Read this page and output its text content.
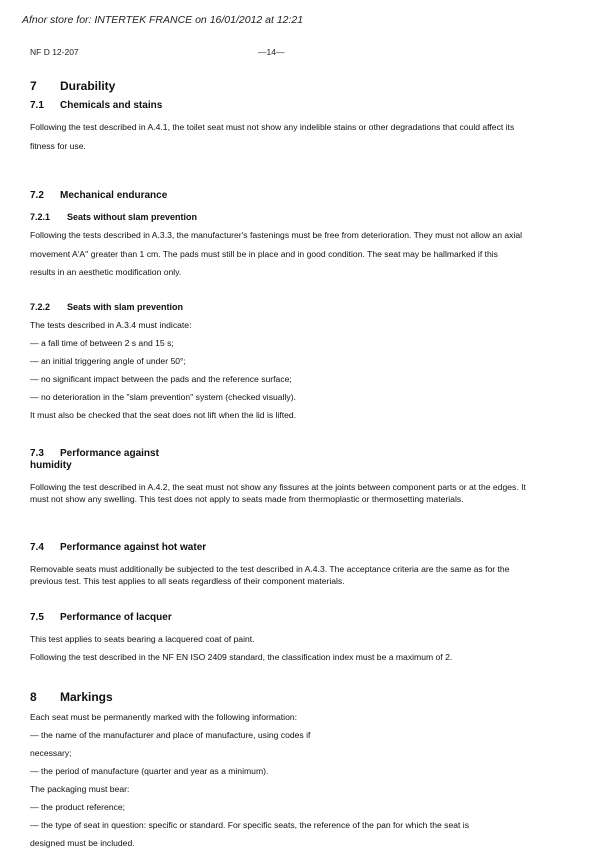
Afnor store for: INTERTEK FRANCE on 16/01/2012 at 12:21
NF D 12-207	—14—
7 Durability
7.1 Chemicals and stains
Following the test described in A.4.1, the toilet seat must not show any indelible stains or other degradations that could affect its fitness for use.
7.2 Mechanical endurance
7.2.1 Seats without slam prevention
Following the tests described in A.3.3, the manufacturer's fastenings must be free from deterioration. They must not allow an axial movement A'A'' greater than 1 cm. The pads must still be in place and in good condition. The seat may be hallmarked if this results in an aesthetic modification only.
7.2.2 Seats with slam prevention
The tests described in A.3.4 must indicate:
— a fall time of between 2 s and 15 s;
— an initial triggering angle of under 50°;
— no significant impact between the pads and the reference surface;
— no deterioration in the "slam prevention" system (checked visually).
It must also be checked that the seat does not lift when the lid is lifted.
7.3 Performance against humidity
Following the test described in A.4.2, the seat must not show any fissures at the joints between component parts or at the edges. It must not show any swelling. This test does not apply to seats made from thermoplastic or thermosetting materials.
7.4 Performance against hot water
Removable seats must additionally be subjected to the test described in A.4.3. The acceptance criteria are the same as for the previous test. This test applies to all seats regardless of their component materials.
7.5 Performance of lacquer
This test applies to seats bearing a lacquered coat of paint.
Following the test described in the NF EN ISO 2409 standard, the classification index must be a maximum of 2.
8 Markings
Each seat must be permanently marked with the following information:
— the name of the manufacturer and place of manufacture, using codes if
necessary;
— the period of manufacture (quarter and year as a minimum).
The packaging must bear:
— the product reference;
— the type of seat in question: specific or standard. For specific seats, the reference of the pan for which the seat is
designed must be included.
